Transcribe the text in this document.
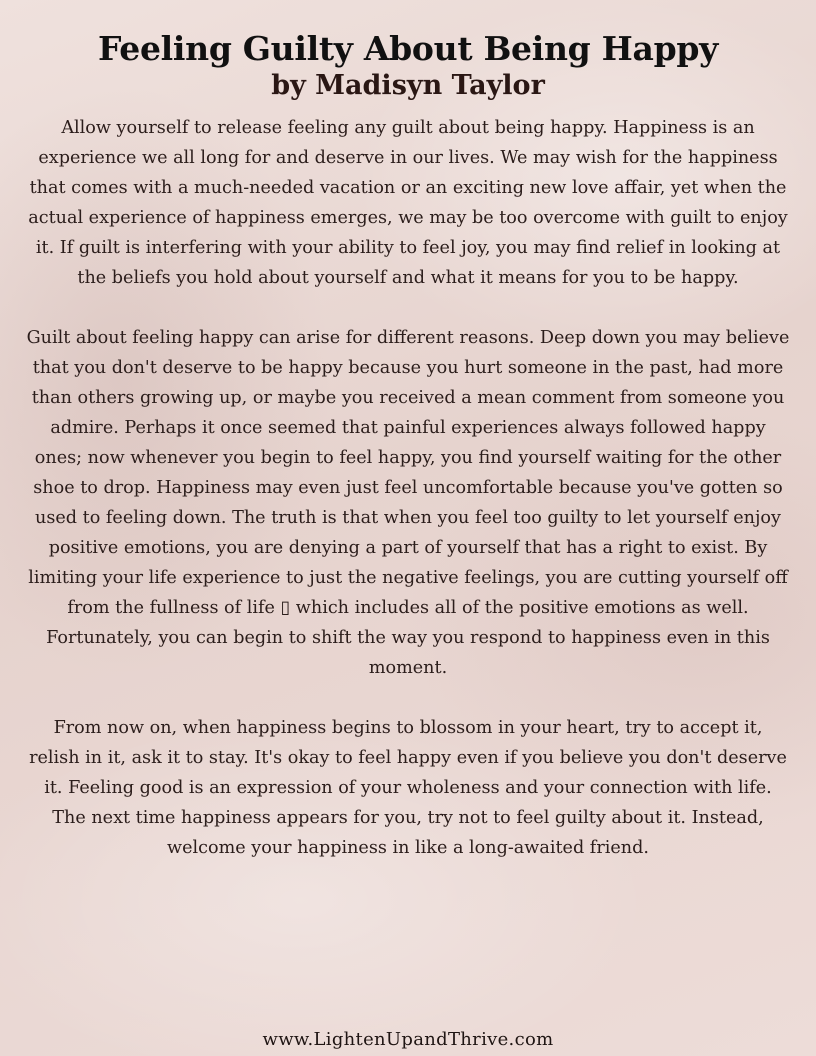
Feeling Guilty About Being Happy
by Madisyn Taylor

Allow yourself to release feeling any guilt about being happy. Happiness is an experience we all long for and deserve in our lives. We may wish for the happiness that comes with a much-needed vacation or an exciting new love affair, yet when the actual experience of happiness emerges, we may be too overcome with guilt to enjoy it. If guilt is interfering with your ability to feel joy, you may find relief in looking at the beliefs you hold about yourself and what it means for you to be happy.

Guilt about feeling happy can arise for different reasons. Deep down you may believe that you don't deserve to be happy because you hurt someone in the past, had more than others growing up, or maybe you received a mean comment from someone you admire. Perhaps it once seemed that painful experiences always followed happy ones; now whenever you begin to feel happy, you find yourself waiting for the other shoe to drop. Happiness may even just feel uncomfortable because you've gotten so used to feeling down. The truth is that when you feel too guilty to let yourself enjoy positive emotions, you are denying a part of yourself that has a right to exist. By limiting your life experience to just the negative feelings, you are cutting yourself off from the fullness of life ▯ which includes all of the positive emotions as well. Fortunately, you can begin to shift the way you respond to happiness even in this moment.

From now on, when happiness begins to blossom in your heart, try to accept it, relish in it, ask it to stay. It's okay to feel happy even if you believe you don't deserve it. Feeling good is an expression of your wholeness and your connection with life. The next time happiness appears for you, try not to feel guilty about it. Instead, welcome your happiness in like a long-awaited friend.

www.LightenUpandThrive.com
